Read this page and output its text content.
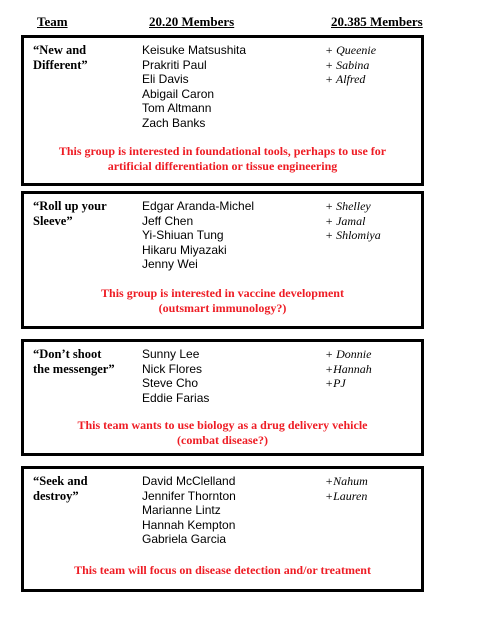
Team	20.20 Members	20.385 Members
“New and
Different”
Keisuke Matsushita
Prakriti Paul
Eli Davis
Abigail Caron
Tom Altmann
Zach Banks
+ Queenie
+ Sabina
+ Alfred
This group is interested in foundational tools, perhaps to use for
artificial differentiation or tissue engineering
“Roll up your
Sleeve”
Edgar Aranda-Michel
Jeff Chen
Yi-Shiuan Tung
Hikaru Miyazaki
Jenny Wei
+ Shelley
+ Jamal
+ Shlomiya
This group is interested in vaccine development
(outsmart immunology?)
“Don’t shoot
the messenger”
Sunny Lee
Nick Flores
Steve Cho
Eddie Farias
+ Donnie
+Hannah
+PJ
This team wants to use biology as a drug delivery vehicle
(combat disease?)
“Seek and
destroy”
David McClelland
Jennifer Thornton
Marianne Lintz
Hannah Kempton
Gabriela Garcia
+Nahum
+Lauren
This team will focus on disease detection and/or treatment
